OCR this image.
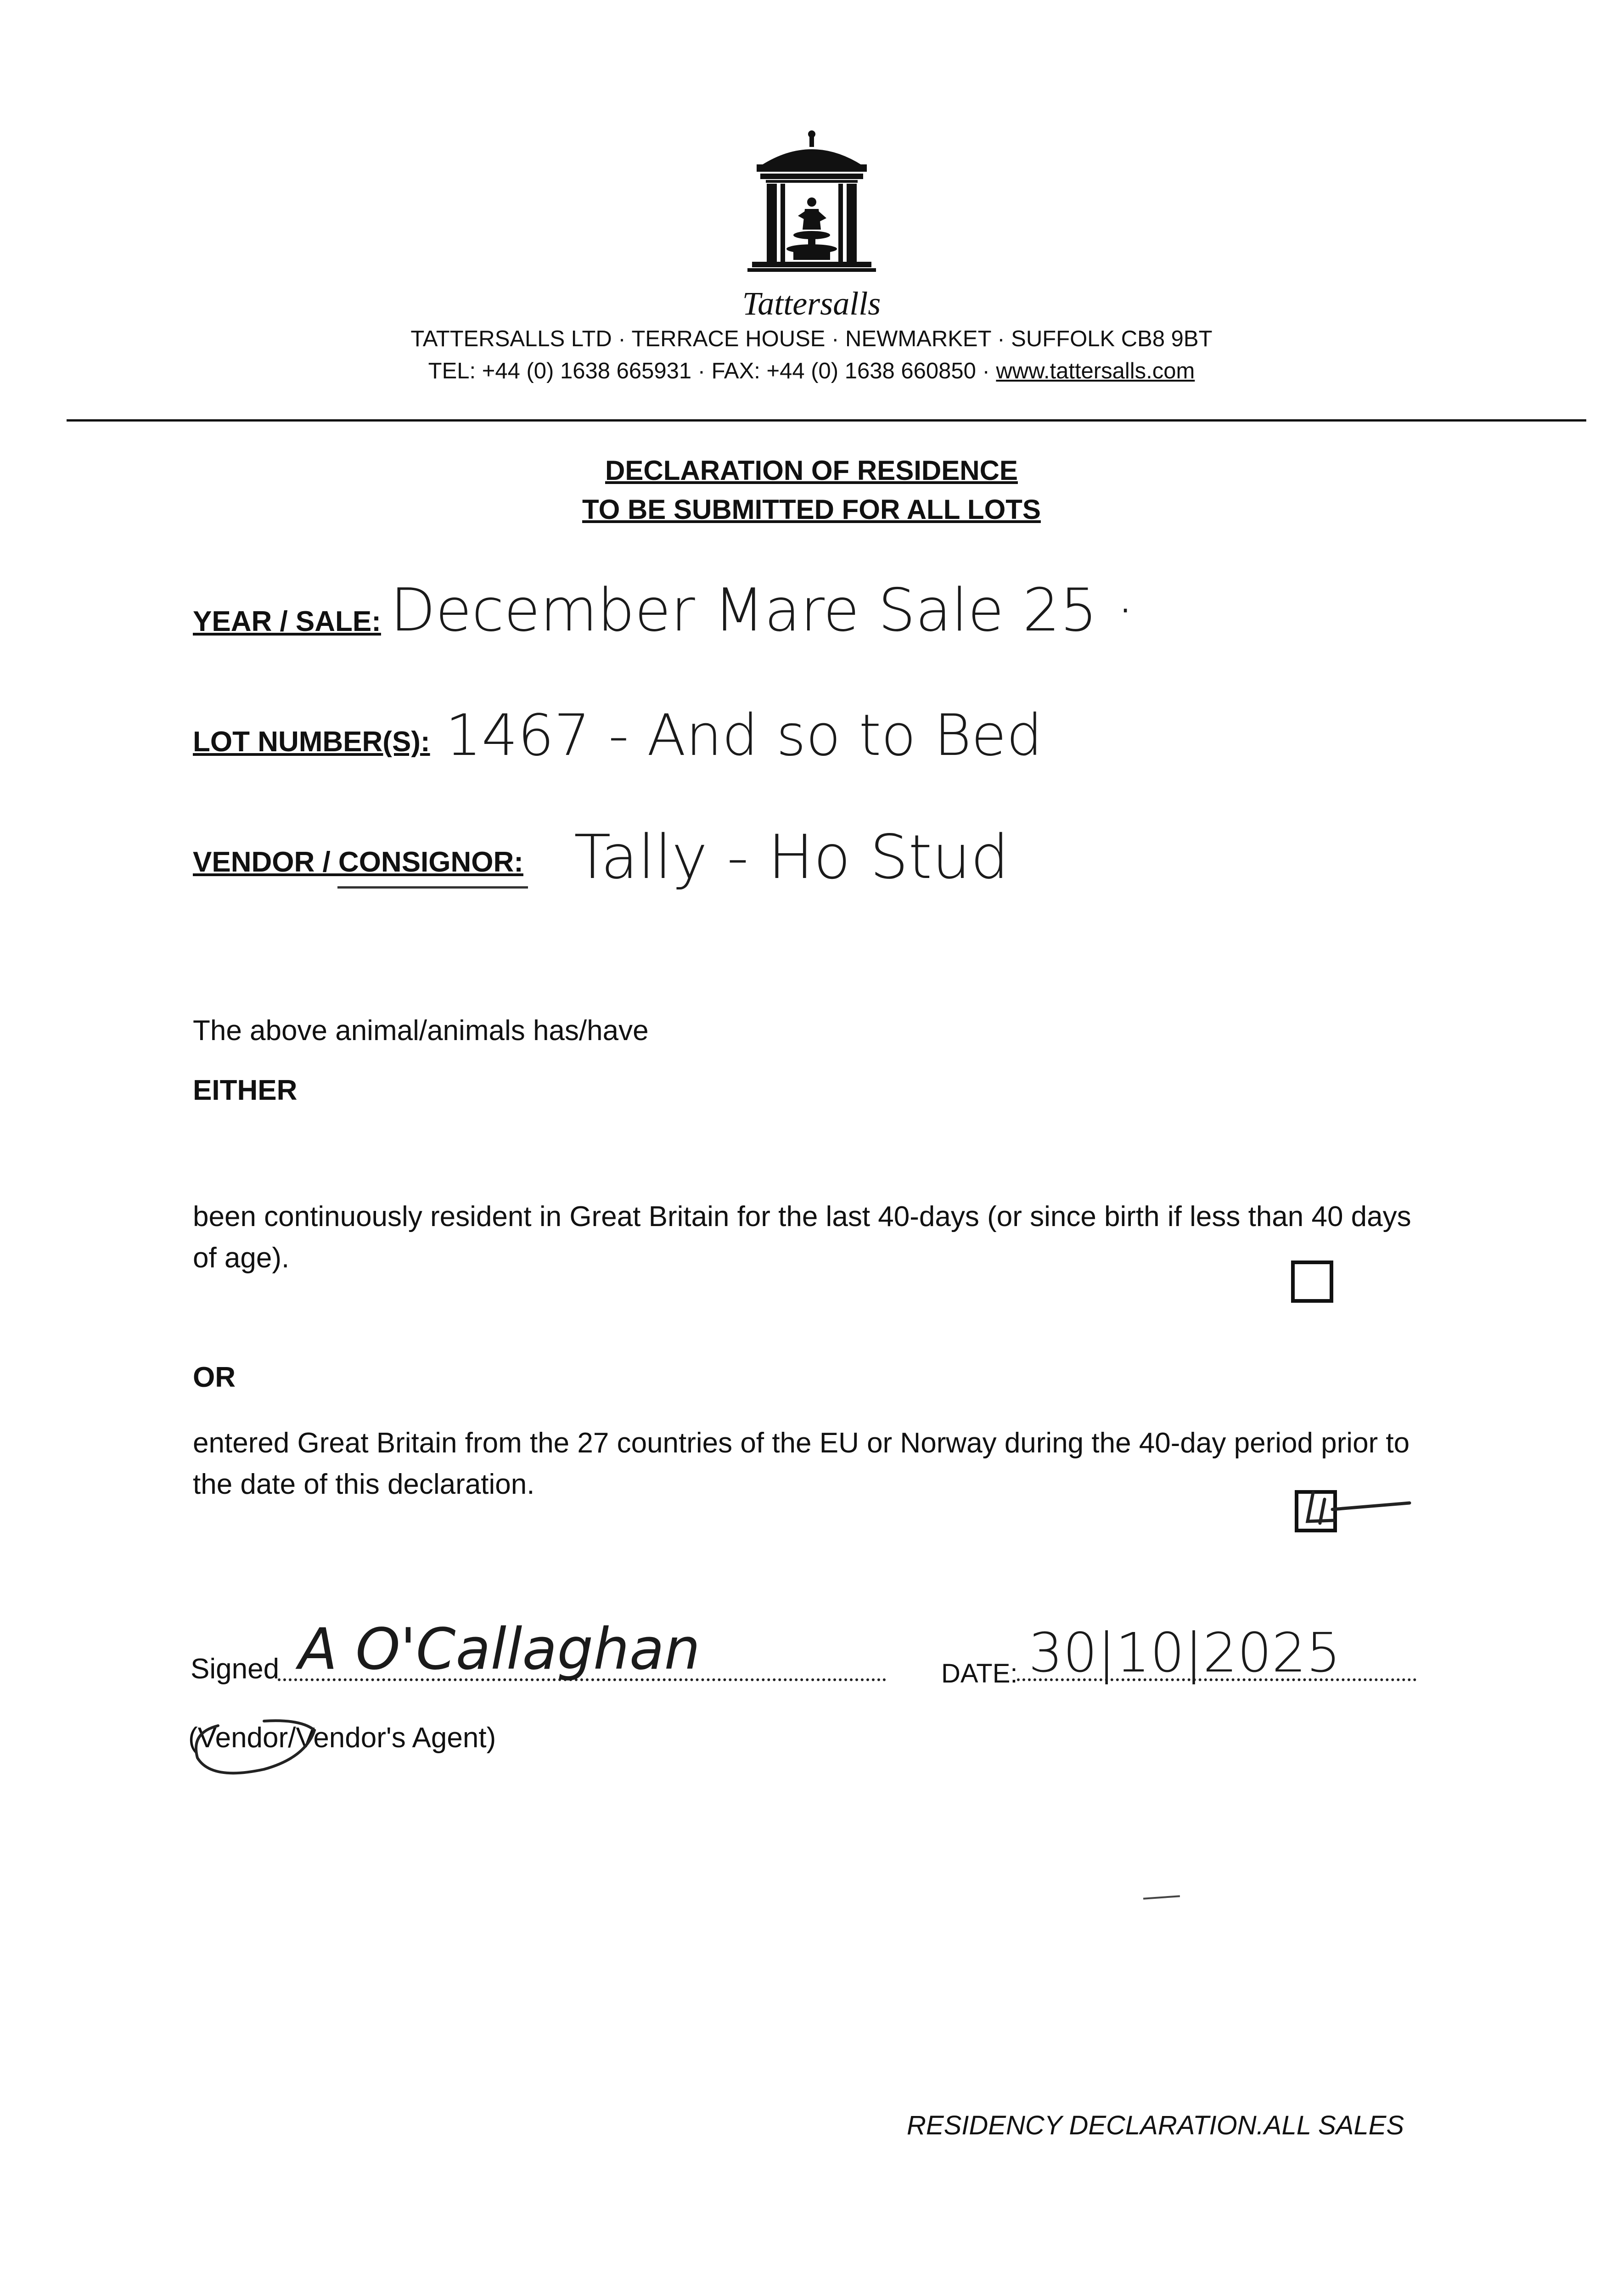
Tattersalls
TATTERSALLS LTD · TERRACE HOUSE · NEWMARKET · SUFFOLK CB8 9BT
TEL: +44 (0) 1638 665931 · FAX: +44 (0) 1638 660850 · www.tattersalls.com
DECLARATION OF RESIDENCE
TO BE SUBMITTED FOR ALL LOTS
YEAR / SALE: December Mare Sale 25 ·
LOT NUMBER(S): 1467 - And so to Bed
VENDOR / CONSIGNOR: Tally - Ho Stud
The above animal/animals has/have
EITHER
been continuously resident in Great Britain for the last 40-days (or since birth if less than 40 days of age).
OR
entered Great Britain from the 27 countries of the EU or Norway during the 40-day period prior to the date of this declaration.
Signed A O'Callaghan	DATE: 30|10|2025
(Vendor/Vendor's Agent)
RESIDENCY DECLARATION.ALL SALES
